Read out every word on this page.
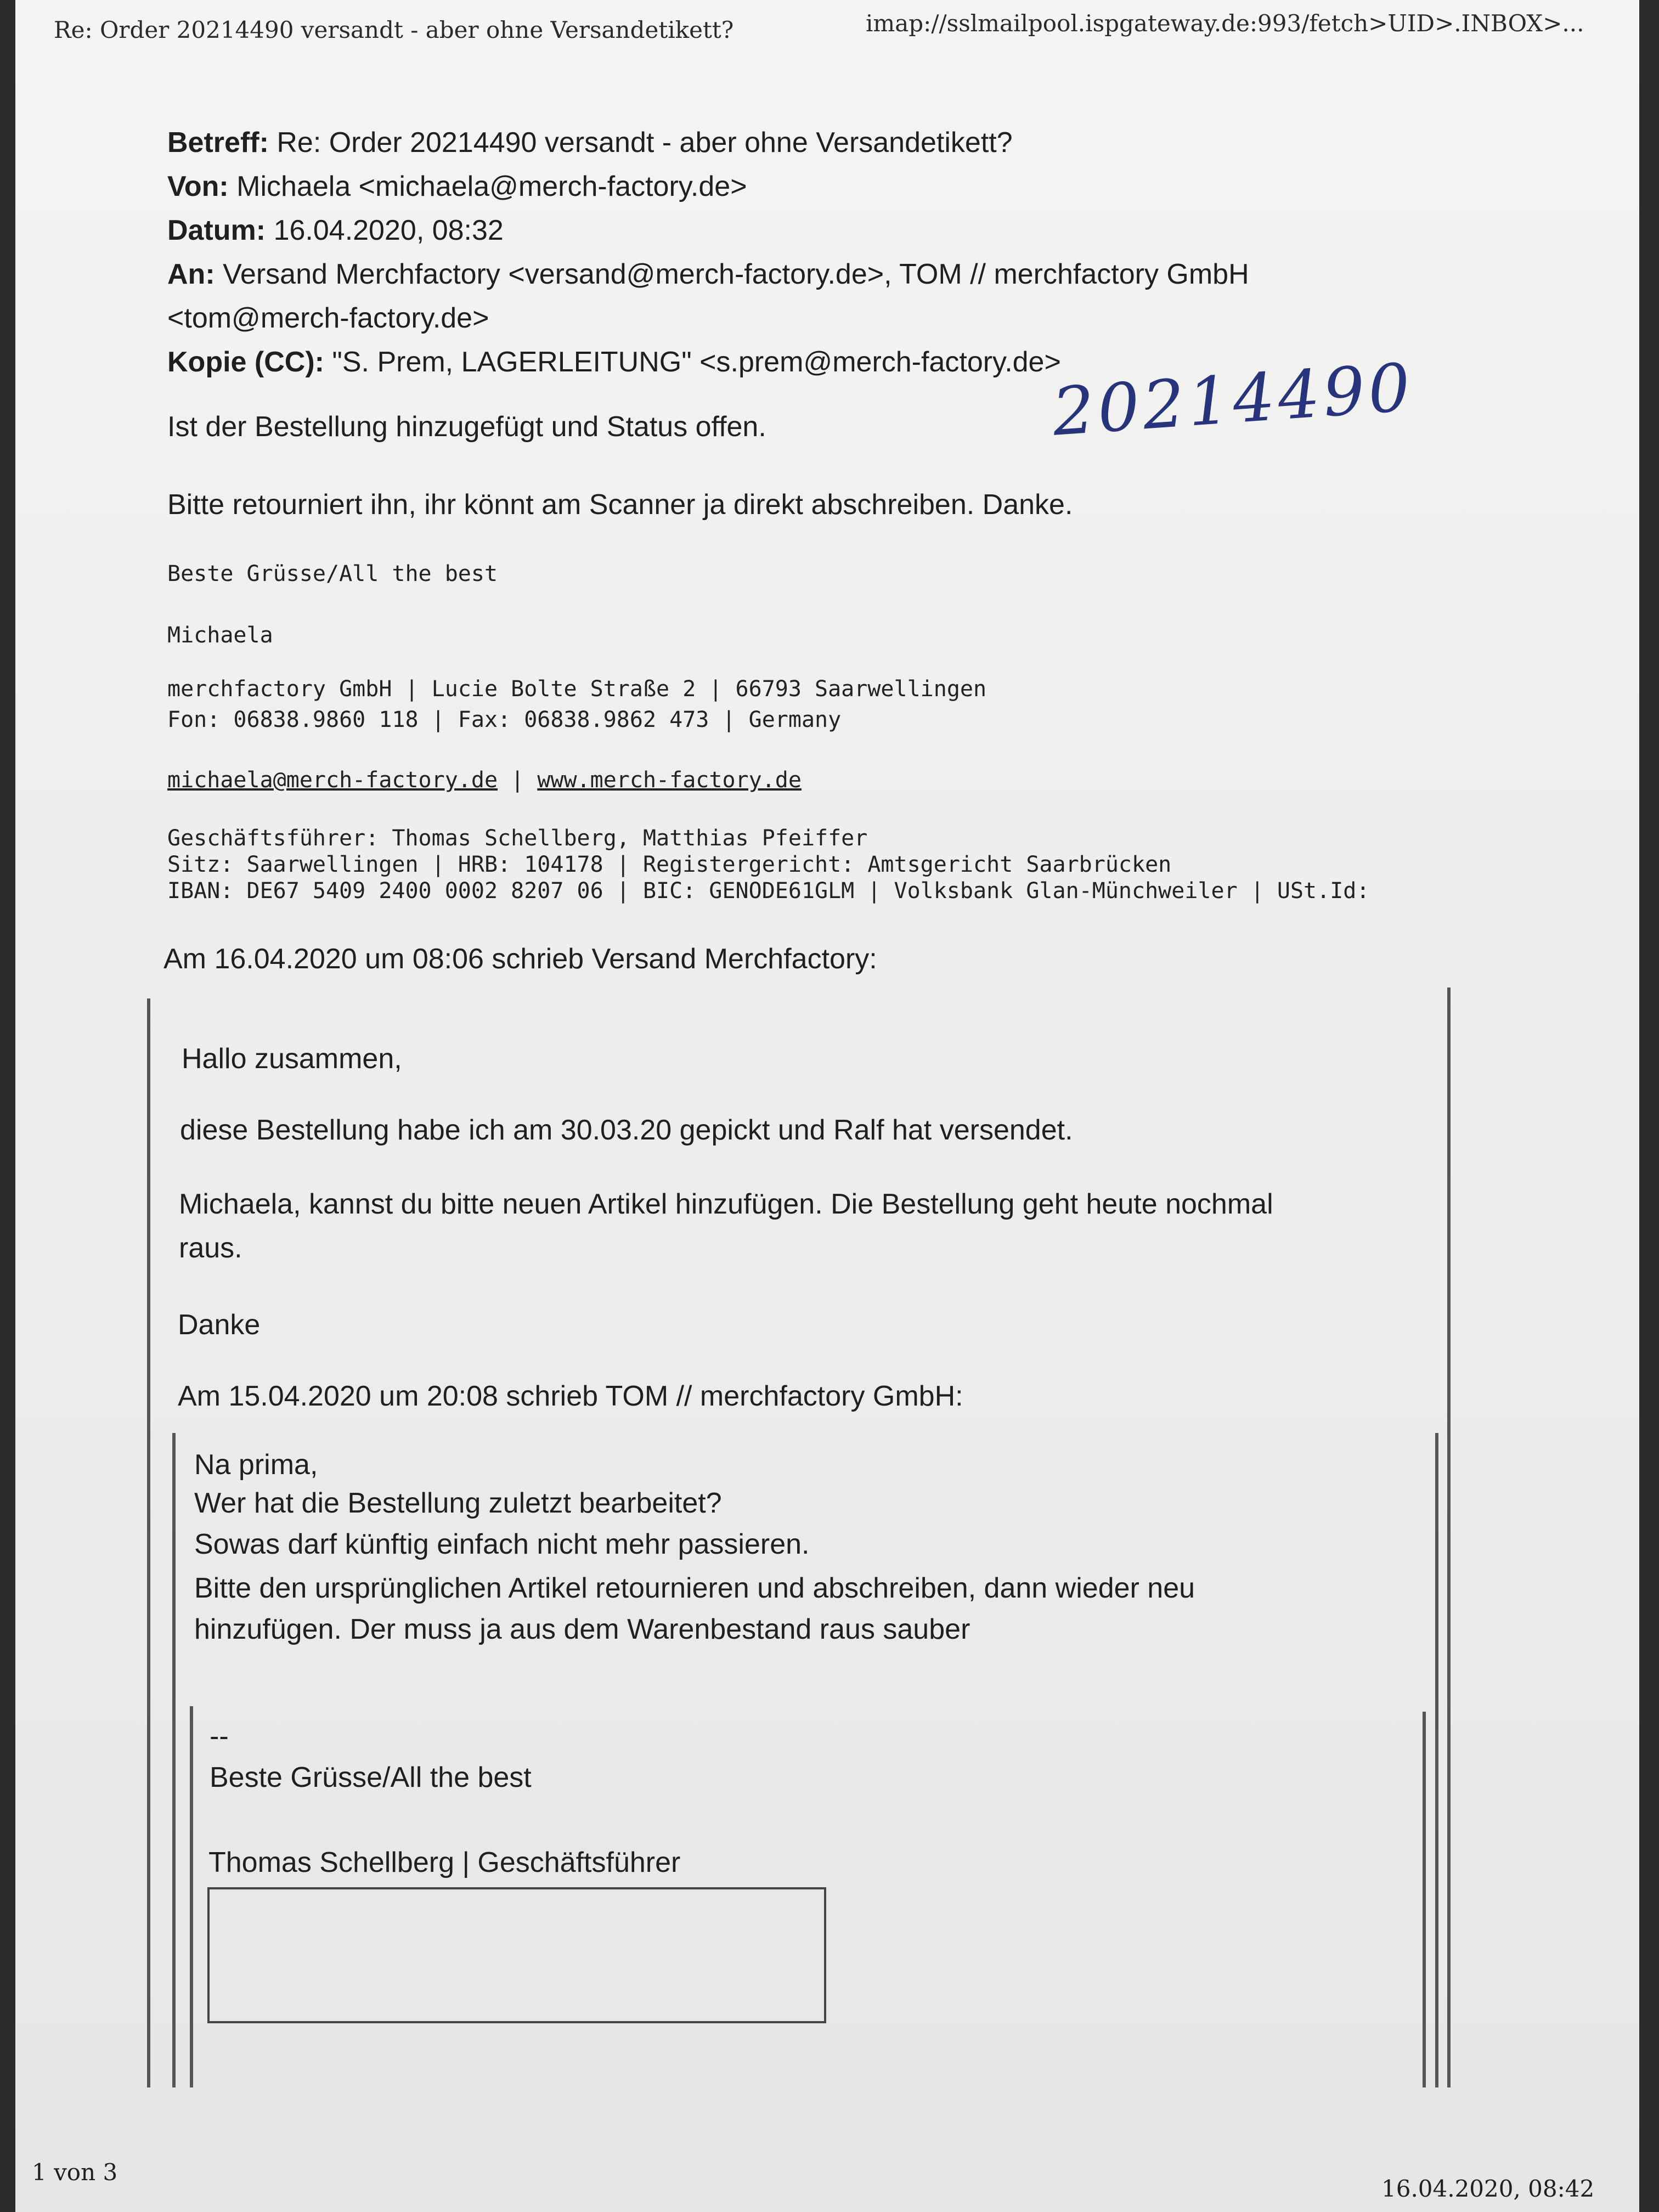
Re: Order 20214490 versandt - aber ohne Versandetikett?	imap://sslmailpool.ispgateway.de:993/fetch>UID>.INBOX>...
Betreff: Re: Order 20214490 versandt - aber ohne Versandetikett?
Von: Michaela <michaela@merch-factory.de>
Datum: 16.04.2020, 08:32
An: Versand Merchfactory <versand@merch-factory.de>, TOM // merchfactory GmbH
<tom@merch-factory.de>
Kopie (CC): "S. Prem, LAGERLEITUNG" <s.prem@merch-factory.de>
20214490
Ist der Bestellung hinzugefügt und Status offen.
Bitte retourniert ihn, ihr könnt am Scanner ja direkt abschreiben. Danke.
Beste Grüsse/All the best
Michaela
merchfactory GmbH | Lucie Bolte Straße 2 | 66793 Saarwellingen
Fon: 06838.9860 118 | Fax: 06838.9862 473 | Germany
michaela@merch-factory.de | www.merch-factory.de
Geschäftsführer: Thomas Schellberg, Matthias Pfeiffer
Sitz: Saarwellingen | HRB: 104178 | Registergericht: Amtsgericht Saarbrücken
IBAN: DE67 5409 2400 0002 8207 06 | BIC: GENODE61GLM | Volksbank Glan-Münchweiler | USt.Id:
Am 16.04.2020 um 08:06 schrieb Versand Merchfactory:
Hallo zusammen,
diese Bestellung habe ich am 30.03.20 gepickt und Ralf hat versendet.
Michaela, kannst du bitte neuen Artikel hinzufügen. Die Bestellung geht heute nochmal
raus.
Danke
Am 15.04.2020 um 20:08 schrieb TOM // merchfactory GmbH:
Na prima,
Wer hat die Bestellung zuletzt bearbeitet?
Sowas darf künftig einfach nicht mehr passieren.
Bitte den ursprünglichen Artikel retournieren und abschreiben, dann wieder neu
hinzufügen. Der muss ja aus dem Warenbestand raus sauber
--
Beste Grüsse/All the best
Thomas Schellberg | Geschäftsführer
1 von 3
16.04.2020, 08:42
